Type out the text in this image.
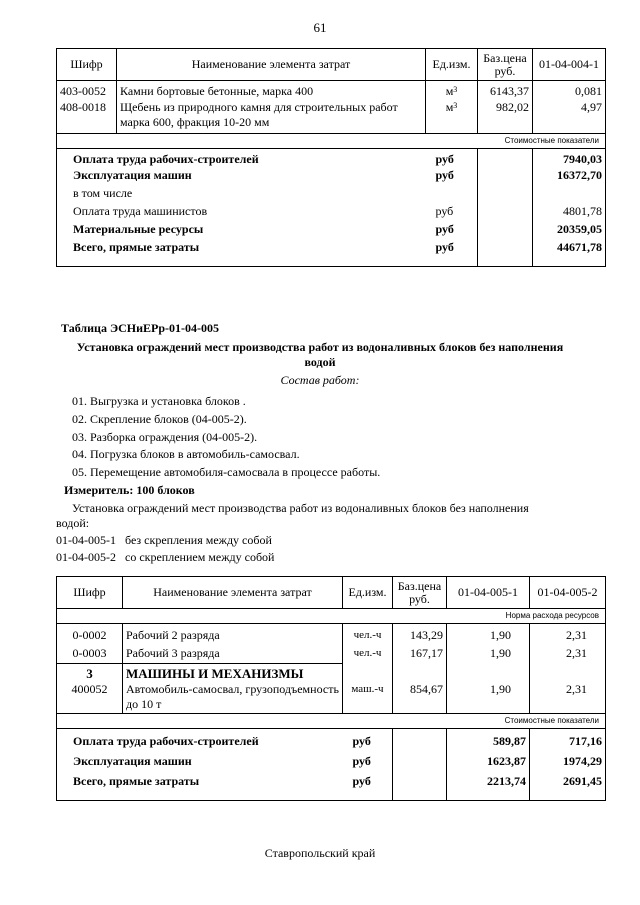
61
Шифр	Наименование элемента затрат	Ед.изм.	Баз.цена руб.	01-04-004-1
403-0052	Камни бортовые бетонные, марка 400	$м^3$	6143,37	0,081
408-0018	Щебень из природного камня для строительных работ марка 600, фракция 10-20 мм	$м^3$	982,02	4,97
Стоимостные показатели				
Оплата труда рабочих-строителей		руб		7940,03
Эксплуатация машин		руб		16372,70
в том числе				
Оплата труда машинистов		руб		4801,78
Материальные ресурсы		руб		20359,05
Всего, прямые затраты		руб		44671,78
Таблица ЭСНиЕРр-01-04-005
Установка ограждений мест производства работ из водоналивных блоков без наполнения
водой
Состав работ:
01. Выгрузка и установка блоков .
02. Скрепление блоков (04-005-2).
03. Разборка ограждения (04-005-2).
04. Погрузка блоков в автомобиль-самосвал.
05. Перемещение автомобиля-самосвала в процессе работы.
Измеритель: 100 блоков
Установка ограждений мест производства работ из водоналивных блоков без наполнения
водой:
01-04-005-1 без скрепления между собой
01-04-005-2 со скреплением между собой
Шифр	Наименование элемента затрат	Ед.изм.	Баз.цена руб.	01-04-005-1	01-04-005-2
Норма расхода ресурсов					
0-0002	Рабочий 2 разряда	чел.-ч	143,29	1,90	2,31
0-0003	Рабочий 3 разряда	чел.-ч	167,17	1,90	2,31
3	МАШИНЫ И МЕХАНИЗМЫ				
400052	Автомобиль-самосвал, грузоподъемность до 10 т	маш.-ч	854,67	1,90	2,31
Стоимостные показатели					
Оплата труда рабочих-строителей		руб		589,87	717,16
Эксплуатация машин		руб		1623,87	1974,29
Всего, прямые затраты		руб		2213,74	2691,45
Ставропольский край
